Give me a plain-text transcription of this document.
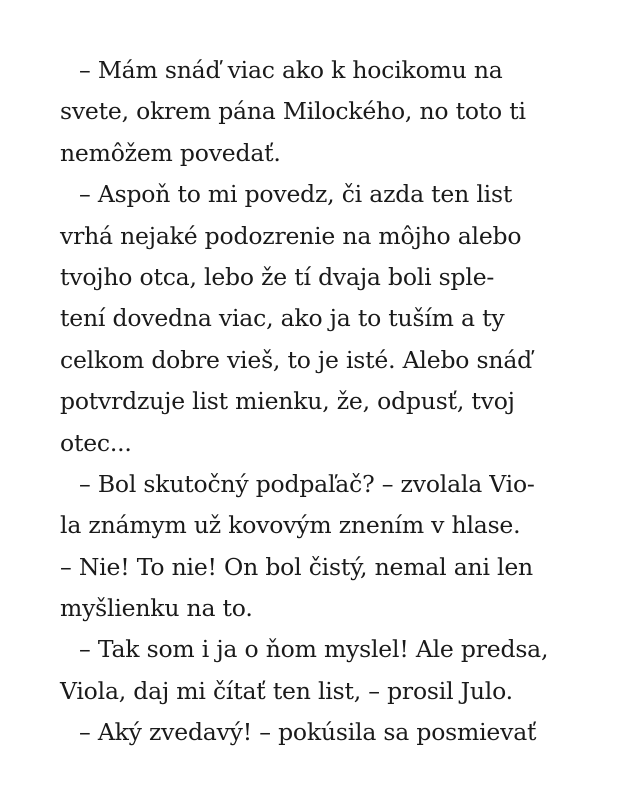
– Mám snáď viac ako k hocikomu na
svete, okrem pána Milockého, no toto ti
nemôžem povedať.
– Aspoň to mi povedz, či azda ten list
vrhá nejaké podozrenie na môjho alebo
tvojho otca, lebo že tí dvaja boli sple-
tení dovedna viac, ako ja to tuším a ty
celkom dobre vieš, to je isté. Alebo snáď
potvrdzuje list mienku, že, odpusť, tvoj
otec...
– Bol skutočný podpaľač? – zvolala Vio-
la známym už kovovým znením v hlase.
– Nie! To nie! On bol čistý, nemal ani len
myšlienku na to.
– Tak som i ja o ňom myslel! Ale predsa,
Viola, daj mi čítať ten list, – prosil Julo.
– Aký zvedavý! – pokúsila sa posmievať
